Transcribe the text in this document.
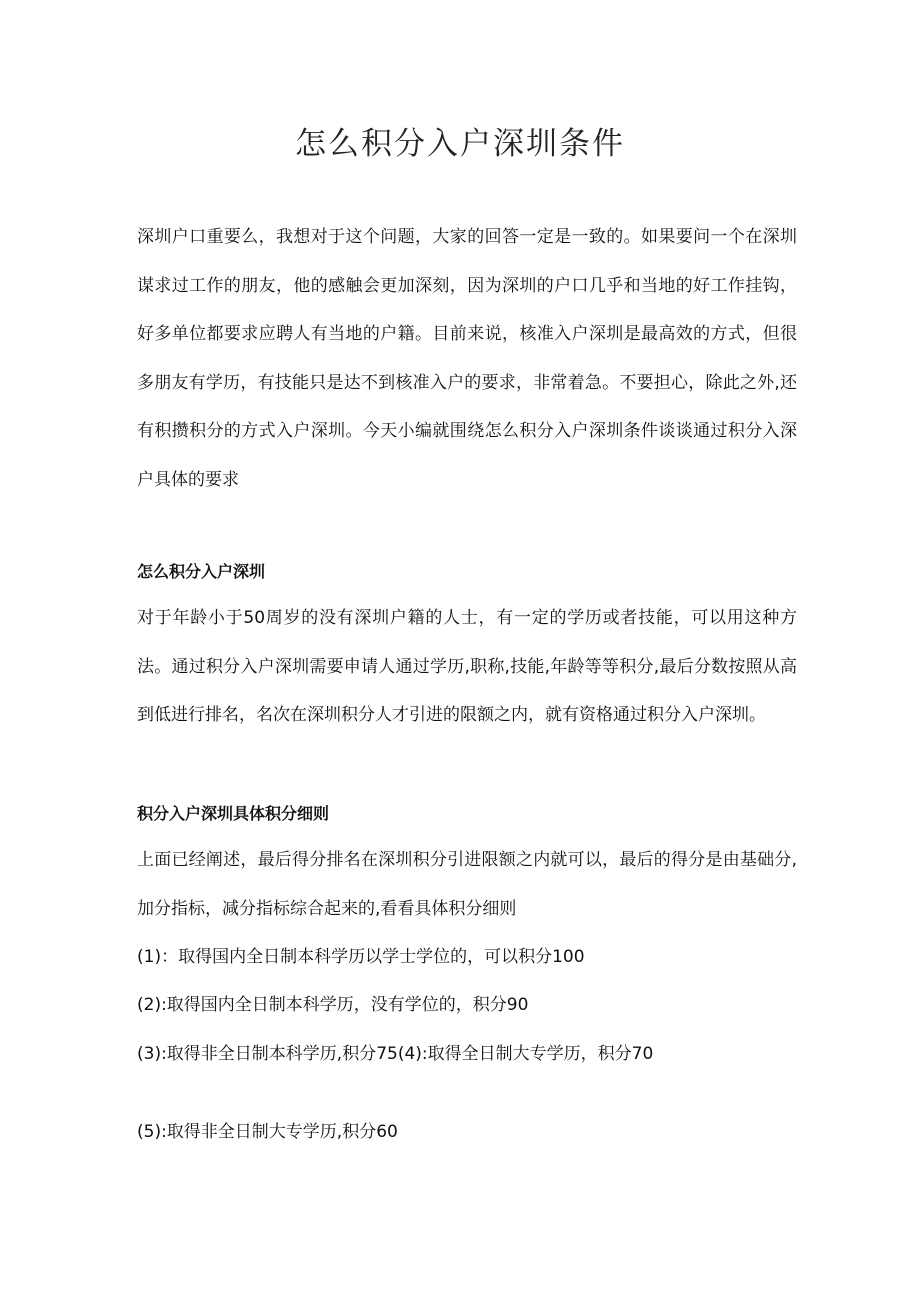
怎么积分入户深圳条件

深圳户口重要么，我想对于这个问题，大家的回答一定是一致的。如果要问一个在深圳谋求过工作的朋友，他的感触会更加深刻，因为深圳的户口几乎和当地的好工作挂钩，好多单位都要求应聘人有当地的户籍。目前来说，核准入户深圳是最高效的方式，但很多朋友有学历，有技能只是达不到核准入户的要求，非常着急。不要担心，除此之外,还有积攒积分的方式入户深圳。今天小编就围绕怎么积分入户深圳条件谈谈通过积分入深户具体的要求

怎么积分入户深圳

对于年龄小于50周岁的没有深圳户籍的人士，有一定的学历或者技能，可以用这种方法。通过积分入户深圳需要申请人通过学历,职称,技能,年龄等等积分,最后分数按照从高到低进行排名，名次在深圳积分人才引进的限额之内，就有资格通过积分入户深圳。

积分入户深圳具体积分细则

上面已经阐述，最后得分排名在深圳积分引进限额之内就可以，最后的得分是由基础分,加分指标，减分指标综合起来的,看看具体积分细则

(1)：取得国内全日制本科学历以学士学位的，可以积分100

(2):取得国内全日制本科学历，没有学位的，积分90

(3):取得非全日制本科学历,积分75(4):取得全日制大专学历，积分70

(5):取得非全日制大专学历,积分60
